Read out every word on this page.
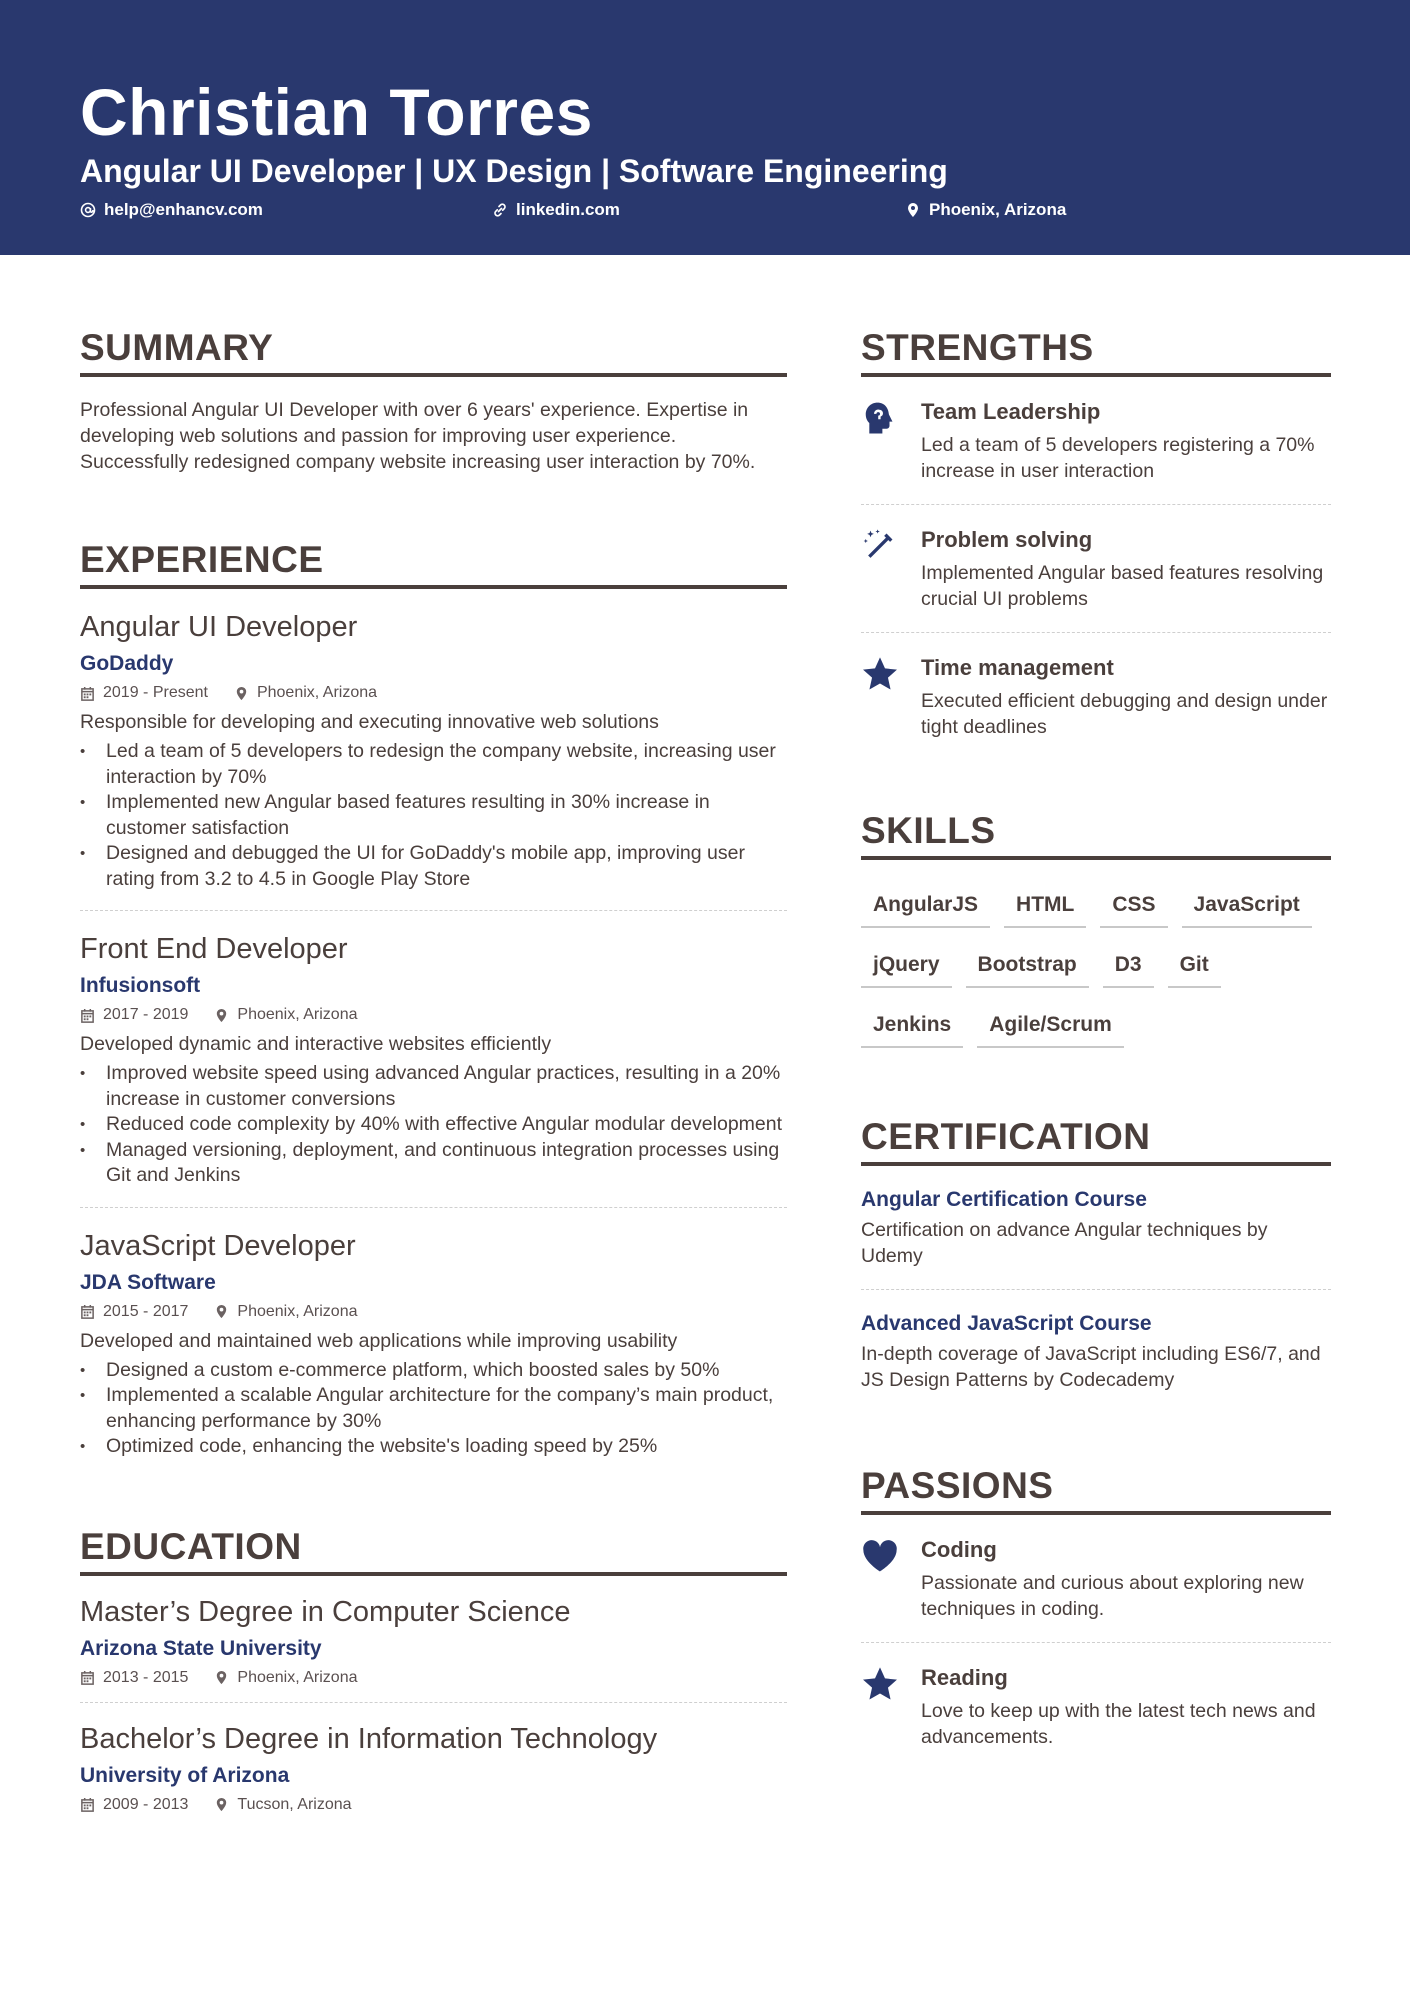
Christian Torres
Angular UI Developer | UX Design | Software Engineering
help@enhancv.com	linkedin.com	Phoenix, Arizona
SUMMARY

Professional Angular UI Developer with over 6 years' experience. Expertise in developing web solutions and passion for improving user experience. Successfully redesigned company website increasing user interaction by 70%.

EXPERIENCE
Angular UI Developer
GoDaddy
2019 - Present	Phoenix, Arizona
Responsible for developing and executing innovative web solutions
• Led a team of 5 developers to redesign the company website, increasing user interaction by 70%
• Implemented new Angular based features resulting in 30% increase in customer satisfaction
• Designed and debugged the UI for GoDaddy's mobile app, improving user rating from 3.2 to 4.5 in Google Play Store
Front End Developer
Infusionsoft
2017 - 2019	Phoenix, Arizona
Developed dynamic and interactive websites efficiently
• Improved website speed using advanced Angular practices, resulting in a 20% increase in customer conversions
• Reduced code complexity by 40% with effective Angular modular development
• Managed versioning, deployment, and continuous integration processes using Git and Jenkins
JavaScript Developer
JDA Software
2015 - 2017	Phoenix, Arizona
Developed and maintained web applications while improving usability
• Designed a custom e-commerce platform, which boosted sales by 50%
• Implemented a scalable Angular architecture for the company’s main product, enhancing performance by 30%
• Optimized code, enhancing the website's loading speed by 25%
EDUCATION
Master’s Degree in Computer Science
Arizona State University
2013 - 2015	Phoenix, Arizona
Bachelor’s Degree in Information Technology
University of Arizona
2009 - 2013	Tucson, Arizona
STRENGTHS
Team Leadership
Led a team of 5 developers registering a 70% increase in user interaction
Problem solving
Implemented Angular based features resolving crucial UI problems
Time management
Executed efficient debugging and design under tight deadlines
SKILLS
AngularJS	HTML	CSS	JavaScript
jQuery	Bootstrap	D3	Git
Jenkins	Agile/Scrum
CERTIFICATION
Angular Certification Course
Certification on advance Angular techniques by Udemy
Advanced JavaScript Course
In-depth coverage of JavaScript including ES6/7, and JS Design Patterns by Codecademy
PASSIONS
Coding
Passionate and curious about exploring new techniques in coding.
Reading
Love to keep up with the latest tech news and advancements.
